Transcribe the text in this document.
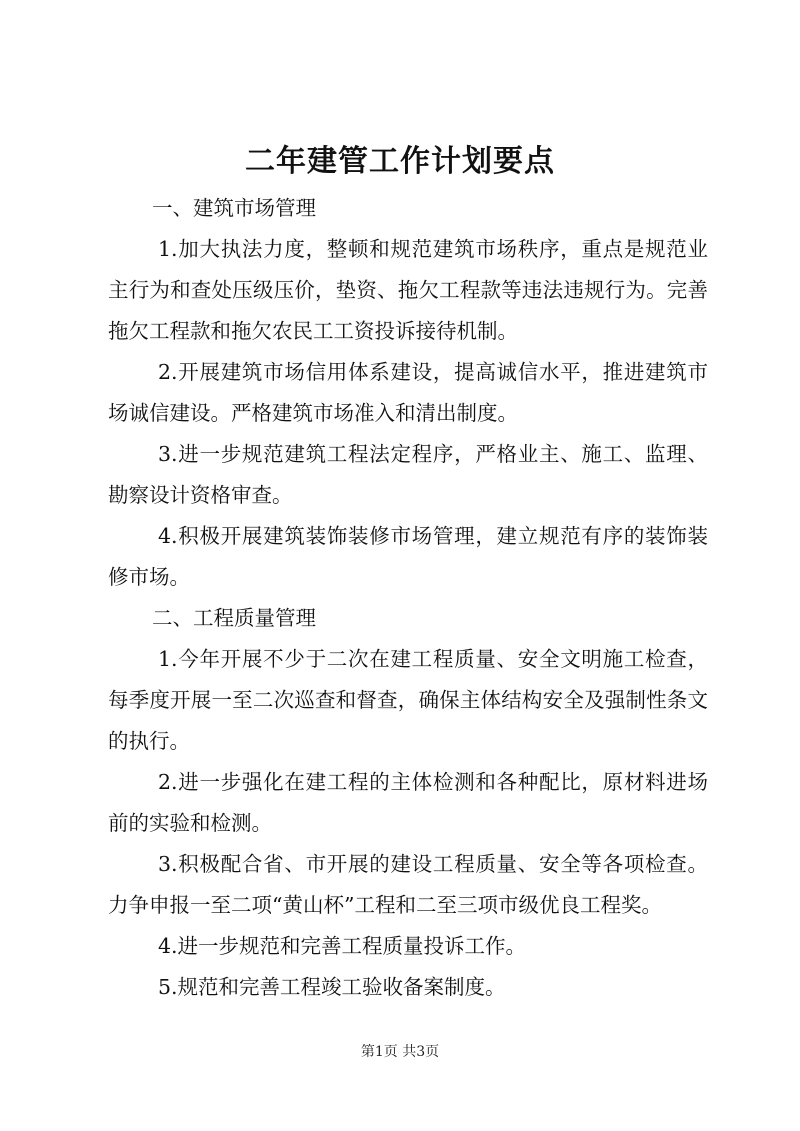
二年建管工作计划要点

一、建筑市场管理

1.加大执法力度，整顿和规范建筑市场秩序，重点是规范业主行为和查处压级压价，垫资、拖欠工程款等违法违规行为。完善拖欠工程款和拖欠农民工工资投诉接待机制。

2.开展建筑市场信用体系建设，提高诚信水平，推进建筑市场诚信建设。严格建筑市场准入和清出制度。

3.进一步规范建筑工程法定程序，严格业主、施工、监理、勘察设计资格审查。

4.积极开展建筑装饰装修市场管理，建立规范有序的装饰装修市场。

二、工程质量管理

1.今年开展不少于二次在建工程质量、安全文明施工检查，每季度开展一至二次巡查和督查，确保主体结构安全及强制性条文的执行。

2.进一步强化在建工程的主体检测和各种配比，原材料进场前的实验和检测。

3.积极配合省、市开展的建设工程质量、安全等各项检查。力争申报一至二项“黄山杯”工程和二至三项市级优良工程奖。

4.进一步规范和完善工程质量投诉工作。

5.规范和完善工程竣工验收备案制度。

第1页 共3页
